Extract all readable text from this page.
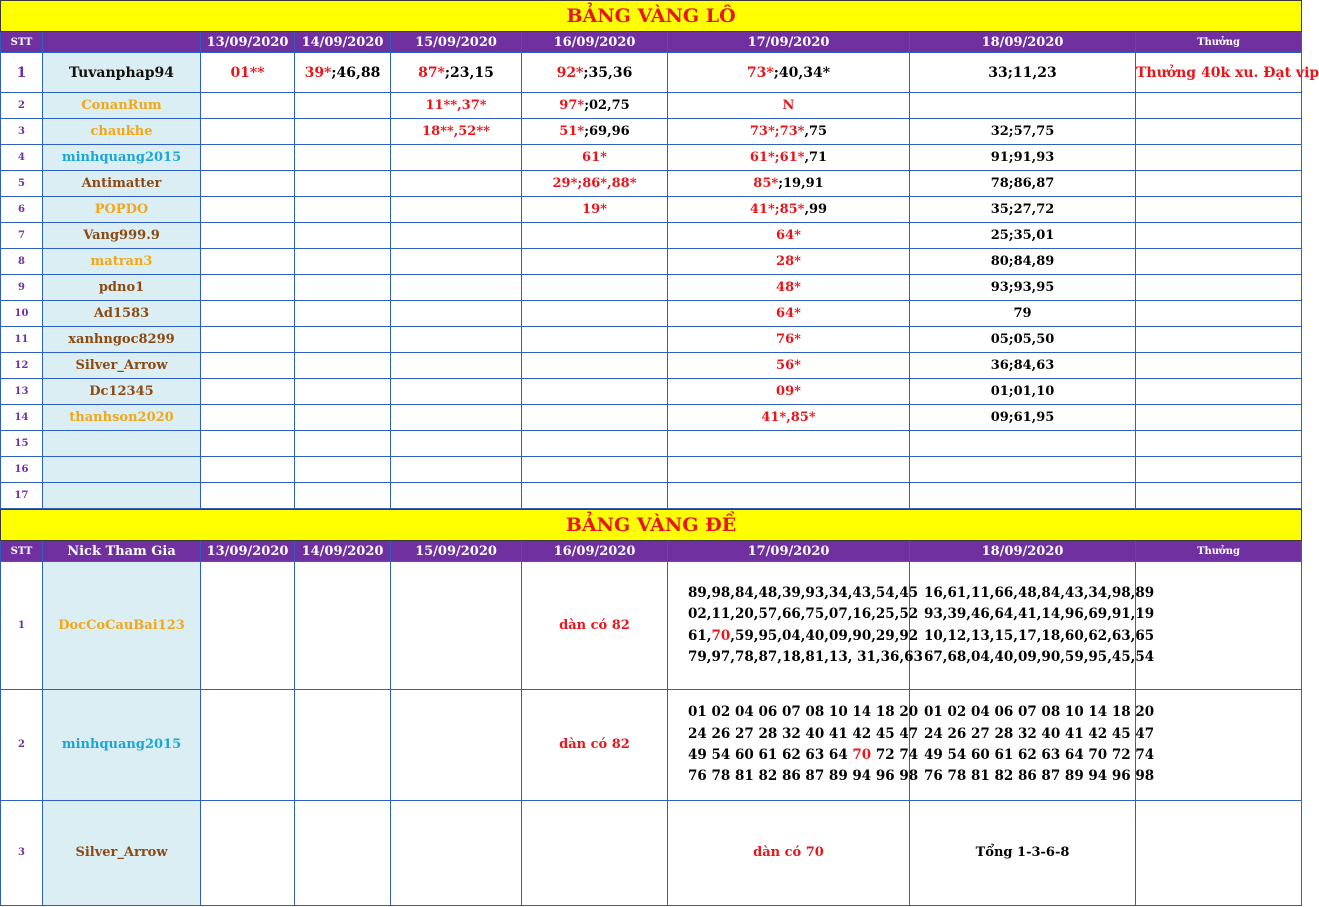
BẢNG VÀNG LÔ								
STT		13/09/2020	14/09/2020	15/09/2020	16/09/2020	17/09/2020	18/09/2020	Thưởng
1	Tuvanphap94	01**	39*;46,88	87*;23,15	92*;35,36	73*;40,34*	33;11,23	Thưởng 40k xu. Đạt vip
2	ConanRum			11**,37*	97*;02,75	N		
3	chaukhe			18**,52**	51*;69,96	73*;73*,75	32;57,75	
4	minhquang2015				61*	61*;61*,71	91;91,93	
5	Antimatter				29*;86*,88*	85*;19,91	78;86,87	
6	POPDO				19*	41*;85*,99	35;27,72	
7	Vang999.9					64*	25;35,01	
8	matran3					28*	80;84,89	
9	pdno1					48*	93;93,95	
10	Ad1583					64*	79	
11	xanhngoc8299					76*	05;05,50	
12	Silver_Arrow					56*	36;84,63	
13	Dc12345					09*	01;01,10	
14	thanhson2020					41*,85*	09;61,95	
15								
16								
17								
BẢNG VÀNG ĐỀ								
STT	Nick Tham Gia	13/09/2020	14/09/2020	15/09/2020	16/09/2020	17/09/2020	18/09/2020	Thưởng
1	DocCoCauBai123				dàn có 82	89,98,84,48,39,93,34,43,54,45
02,11,20,57,66,75,07,16,25,52
61,70,59,95,04,40,09,90,29,92
79,97,78,87,18,81,13, 31,36,63	16,61,11,66,48,84,43,34,98,89
93,39,46,64,41,14,96,69,91,19
10,12,13,15,17,18,60,62,63,65
67,68,04,40,09,90,59,95,45,54	

2	minhquang2015				dàn có 82	01 02 04 06 07 08 10 14 18 20
24 26 27 28 32 40 41 42 45 47
49 54 60 61 62 63 64 70 72 74
76 78 81 82 86 87 89 94 96 98	01 02 04 06 07 08 10 14 18 20
24 26 27 28 32 40 41 42 45 47
49 54 60 61 62 63 64 70 72 74
76 78 81 82 86 87 89 94 96 98	

3	Silver_Arrow					dàn có 70	Tổng 1-3-6-8	
